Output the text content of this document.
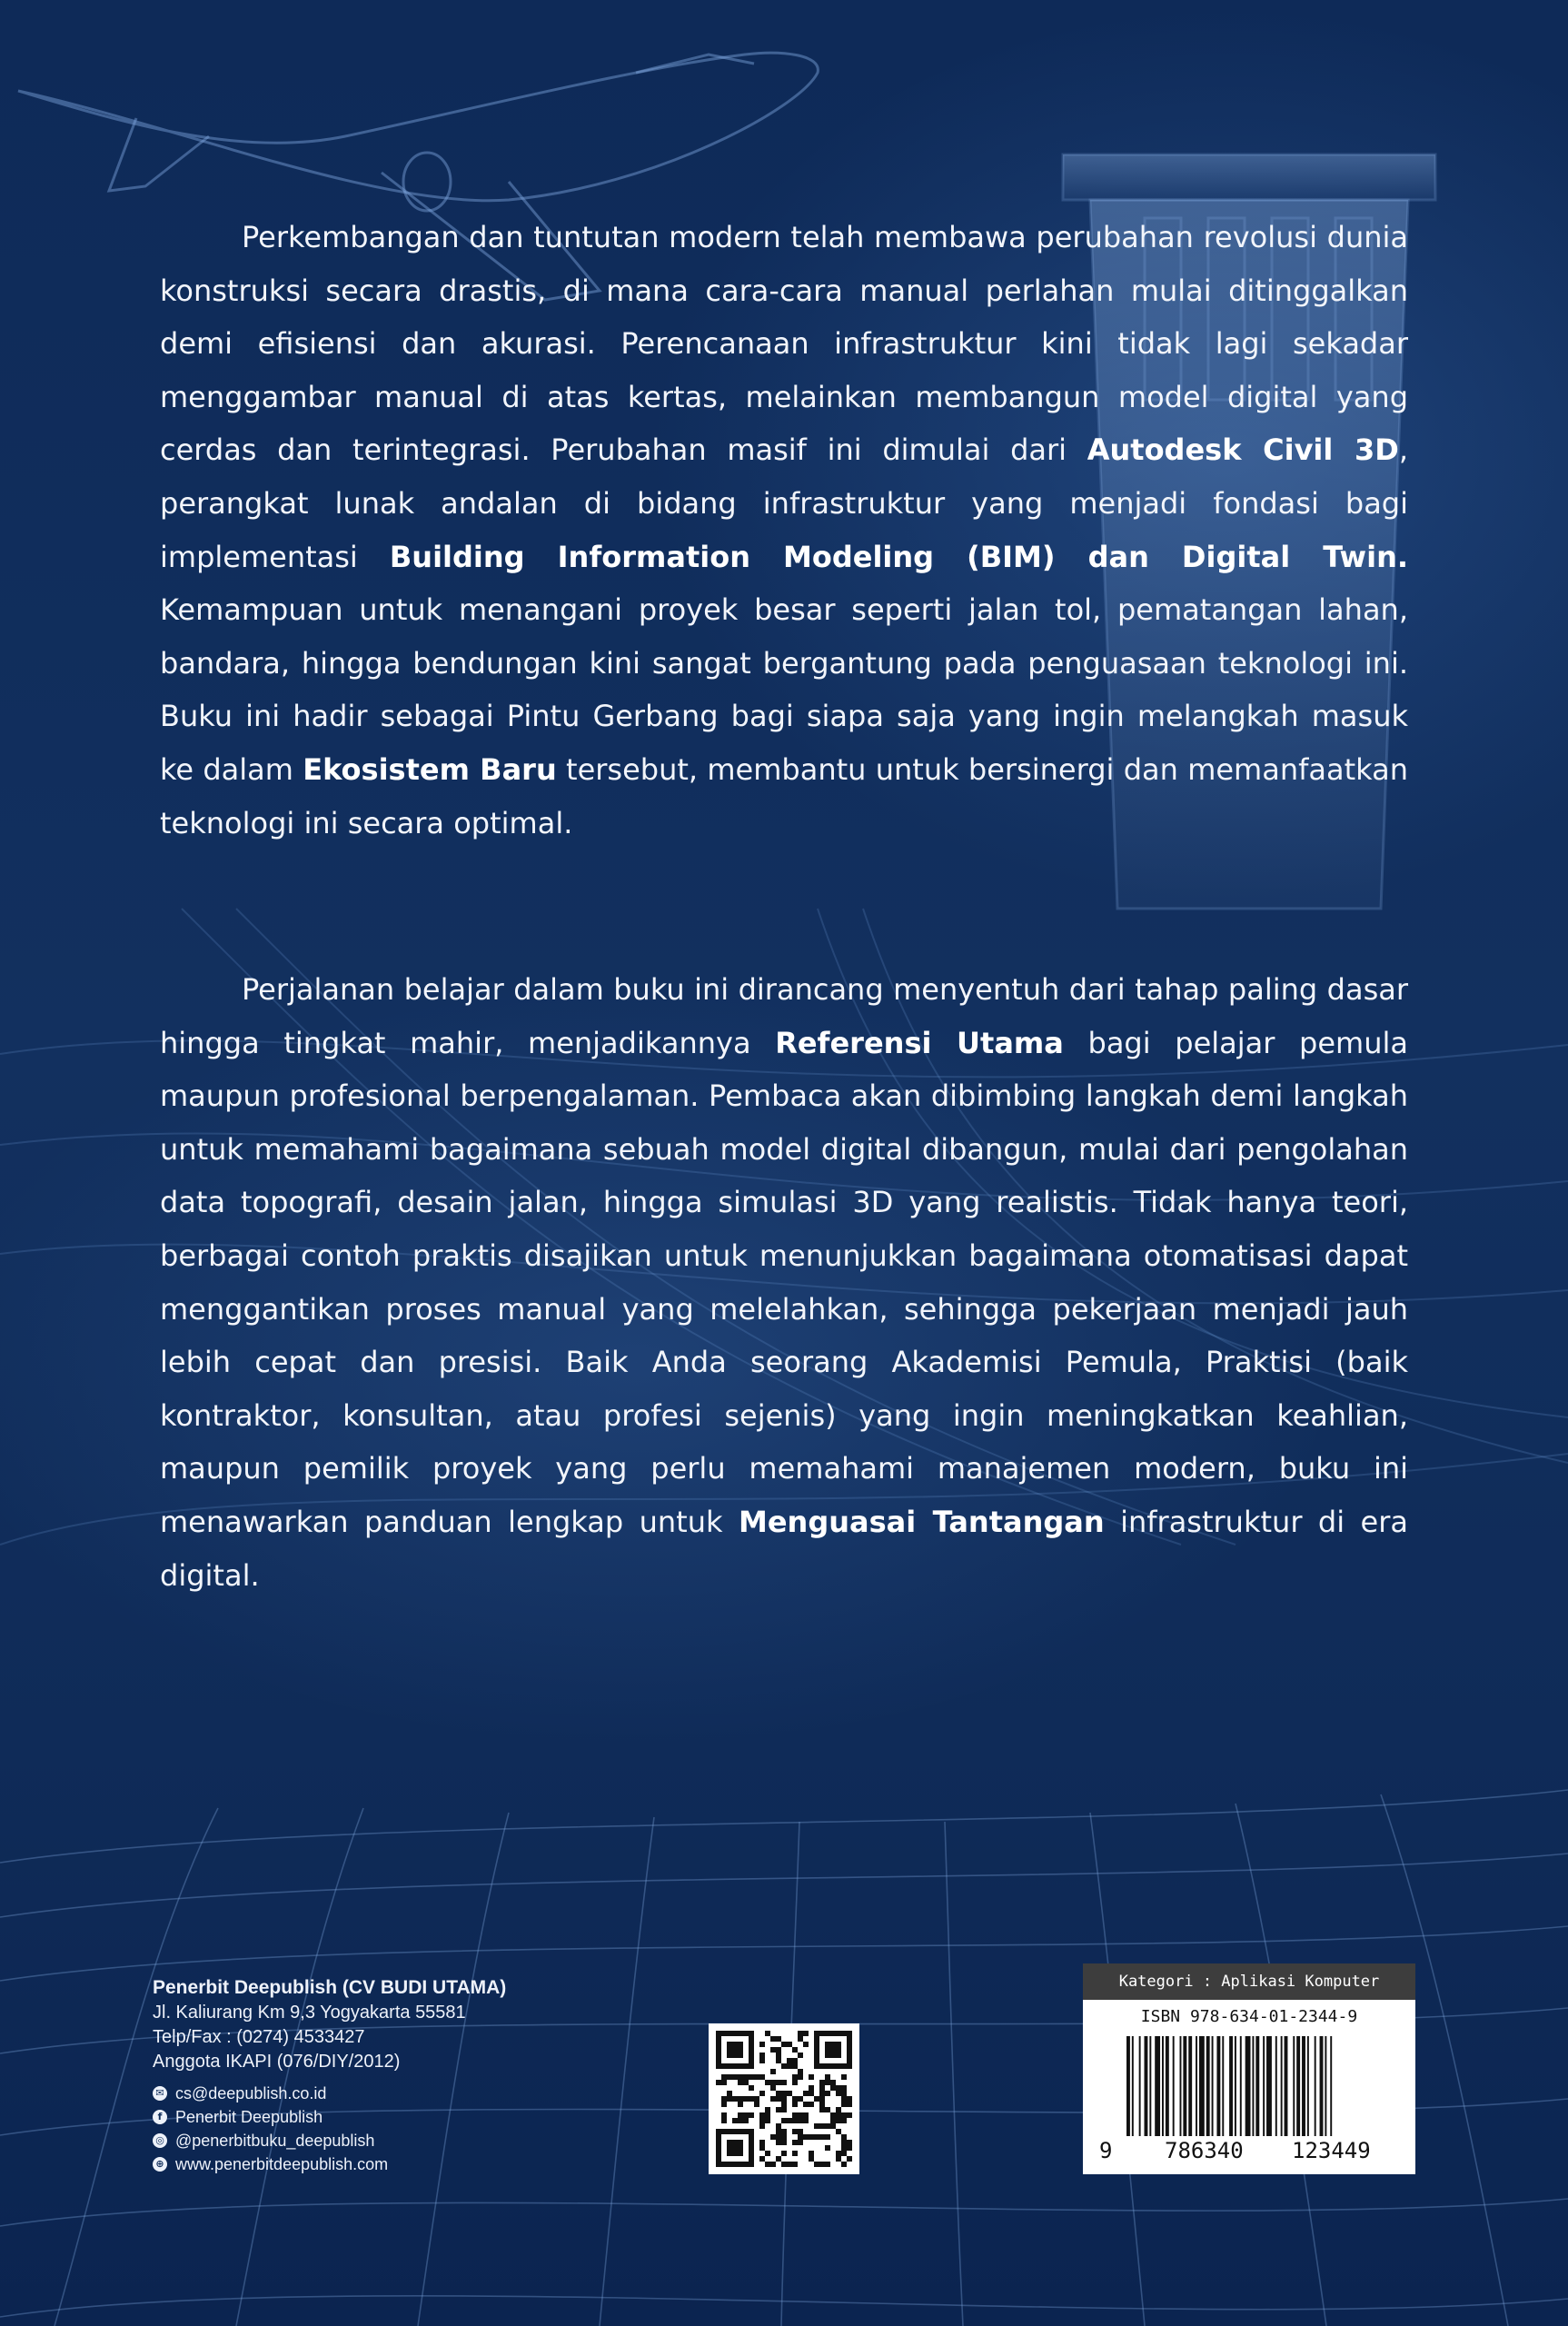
Perkembangan dan tuntutan modern telah membawa perubahan revolusi dunia konstruksi secara drastis, di mana cara-cara manual perlahan mulai ditinggalkan demi efisiensi dan akurasi. Perencanaan infrastruktur kini tidak lagi sekadar menggambar manual di atas kertas, melainkan membangun model digital yang cerdas dan terintegrasi. Perubahan masif ini dimulai dari Autodesk Civil 3D, perangkat lunak andalan di bidang infrastruktur yang menjadi fondasi bagi implementasi Building Information Modeling (BIM) dan Digital Twin. Kemampuan untuk menangani proyek besar seperti jalan tol, pematangan lahan, bandara, hingga bendungan kini sangat bergantung pada penguasaan teknologi ini. Buku ini hadir sebagai Pintu Gerbang bagi siapa saja yang ingin melangkah masuk ke dalam Ekosistem Baru tersebut, membantu untuk bersinergi dan memanfaatkan teknologi ini secara optimal.

Perjalanan belajar dalam buku ini dirancang menyentuh dari tahap paling dasar hingga tingkat mahir, menjadikannya Referensi Utama bagi pelajar pemula maupun profesional berpengalaman. Pembaca akan dibimbing langkah demi langkah untuk memahami bagaimana sebuah model digital dibangun, mulai dari pengolahan data topografi, desain jalan, hingga simulasi 3D yang realistis. Tidak hanya teori, berbagai contoh praktis disajikan untuk menunjukkan bagaimana otomatisasi dapat menggantikan proses manual yang melelahkan, sehingga pekerjaan menjadi jauh lebih cepat dan presisi. Baik Anda seorang Akademisi Pemula, Praktisi (baik kontraktor, konsultan, atau profesi sejenis) yang ingin meningkatkan keahlian, maupun pemilik proyek yang perlu memahami manajemen modern, buku ini menawarkan panduan lengkap untuk Menguasai Tantangan infrastruktur di era digital.

Penerbit Deepublish (CV BUDI UTAMA)
Jl. Kaliurang Km 9,3 Yogyakarta 55581
Telp/Fax : (0274) 4533427
Anggota IKAPI (076/DIY/2012)
✉ cs@deepublish.co.id
f Penerbit Deepublish
◎ @penerbitbuku_deepublish
⊕ www.penerbitdeepublish.com
Kategori : Aplikasi Komputer
ISBN 978-634-01-2344-9
9 786340 123449
